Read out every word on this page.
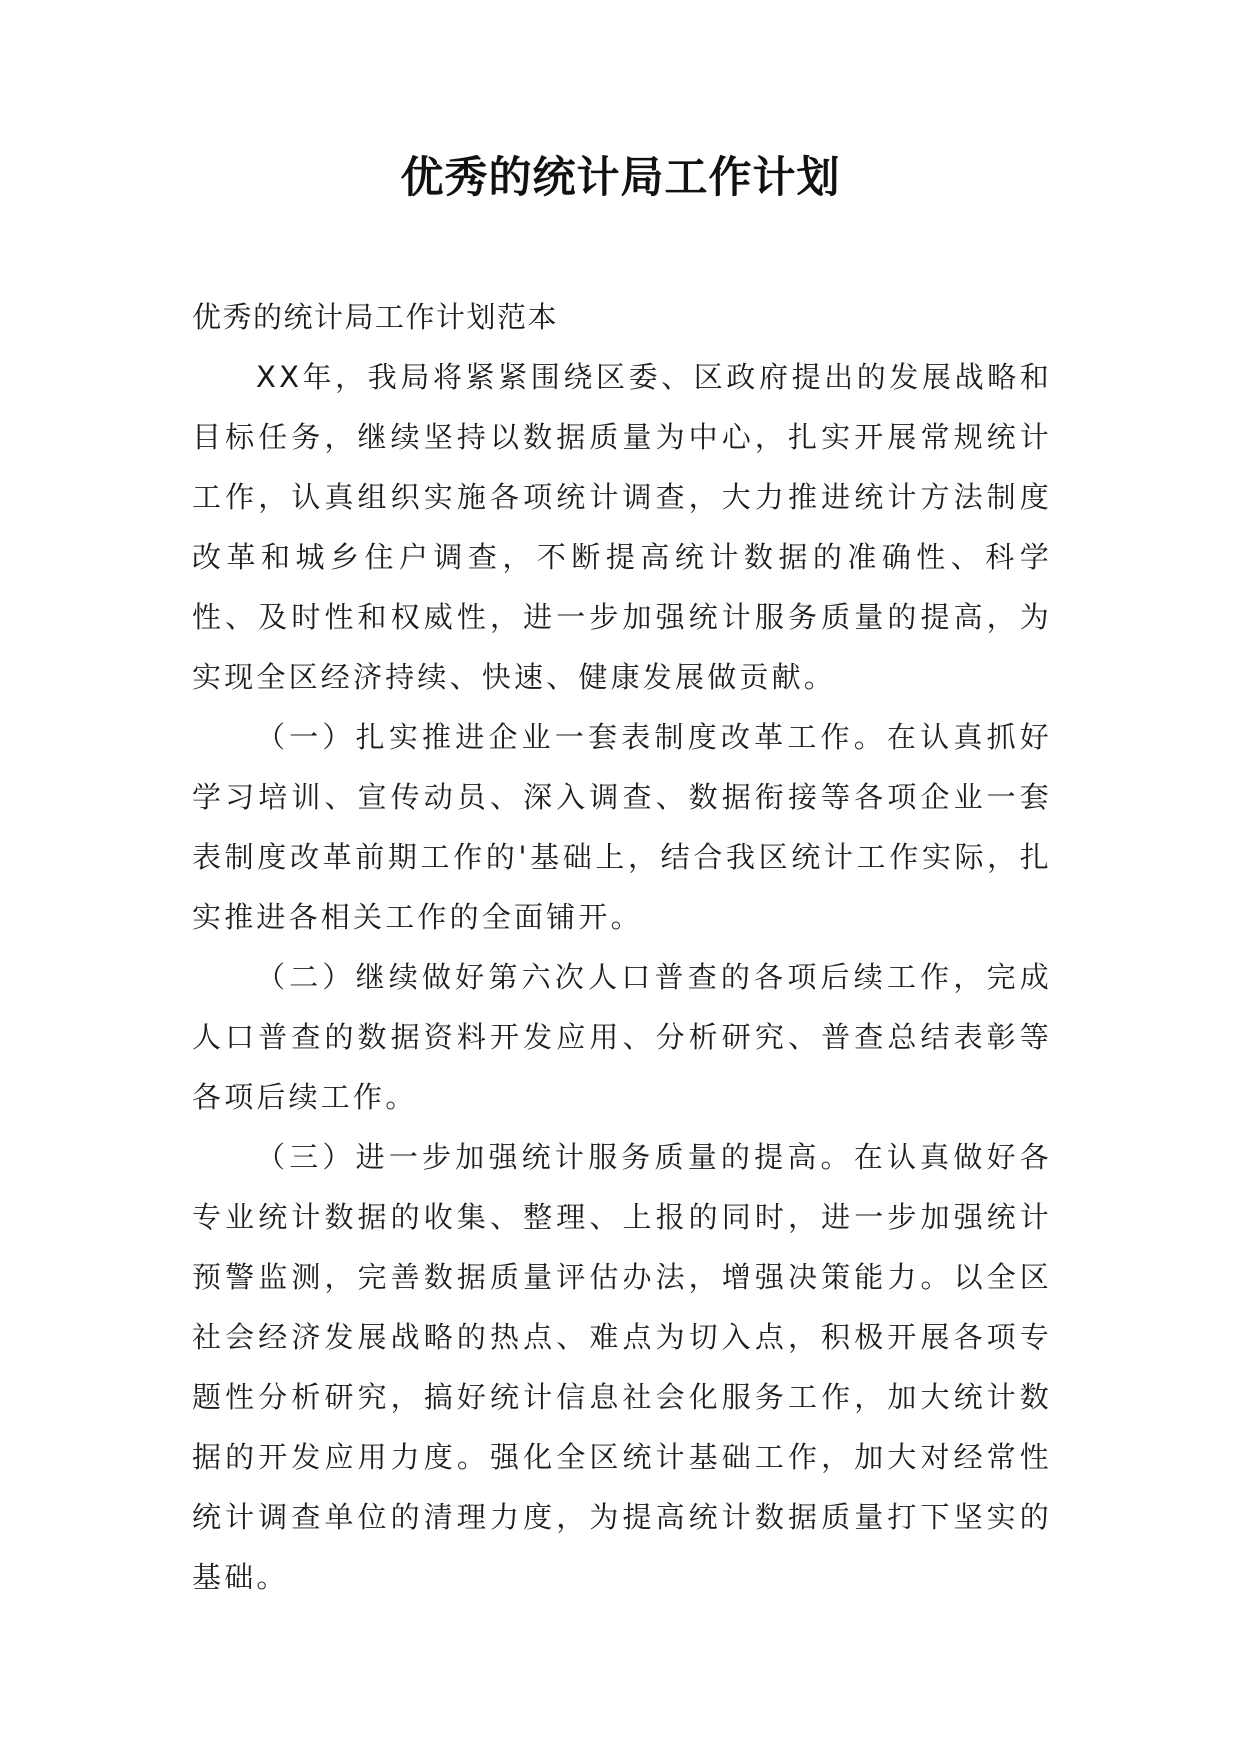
优秀的统计局工作计划

优秀的统计局工作计划范本

XX年，我局将紧紧围绕区委、区政府提出的发展战略和目标任务，继续坚持以数据质量为中心，扎实开展常规统计工作，认真组织实施各项统计调查，大力推进统计方法制度改革和城乡住户调查，不断提高统计数据的准确性、科学性、及时性和权威性，进一步加强统计服务质量的提高，为实现全区经济持续、快速、健康发展做贡献。

（一）扎实推进企业一套表制度改革工作。在认真抓好学习培训、宣传动员、深入调查、数据衔接等各项企业一套表制度改革前期工作的'基础上，结合我区统计工作实际，扎实推进各相关工作的全面铺开。

（二）继续做好第六次人口普查的各项后续工作，完成人口普查的数据资料开发应用、分析研究、普查总结表彰等各项后续工作。

（三）进一步加强统计服务质量的提高。在认真做好各专业统计数据的收集、整理、上报的同时，进一步加强统计预警监测，完善数据质量评估办法，增强决策能力。以全区社会经济发展战略的热点、难点为切入点，积极开展各项专题性分析研究，搞好统计信息社会化服务工作，加大统计数据的开发应用力度。强化全区统计基础工作，加大对经常性统计调查单位的清理力度，为提高统计数据质量打下坚实的基础。
